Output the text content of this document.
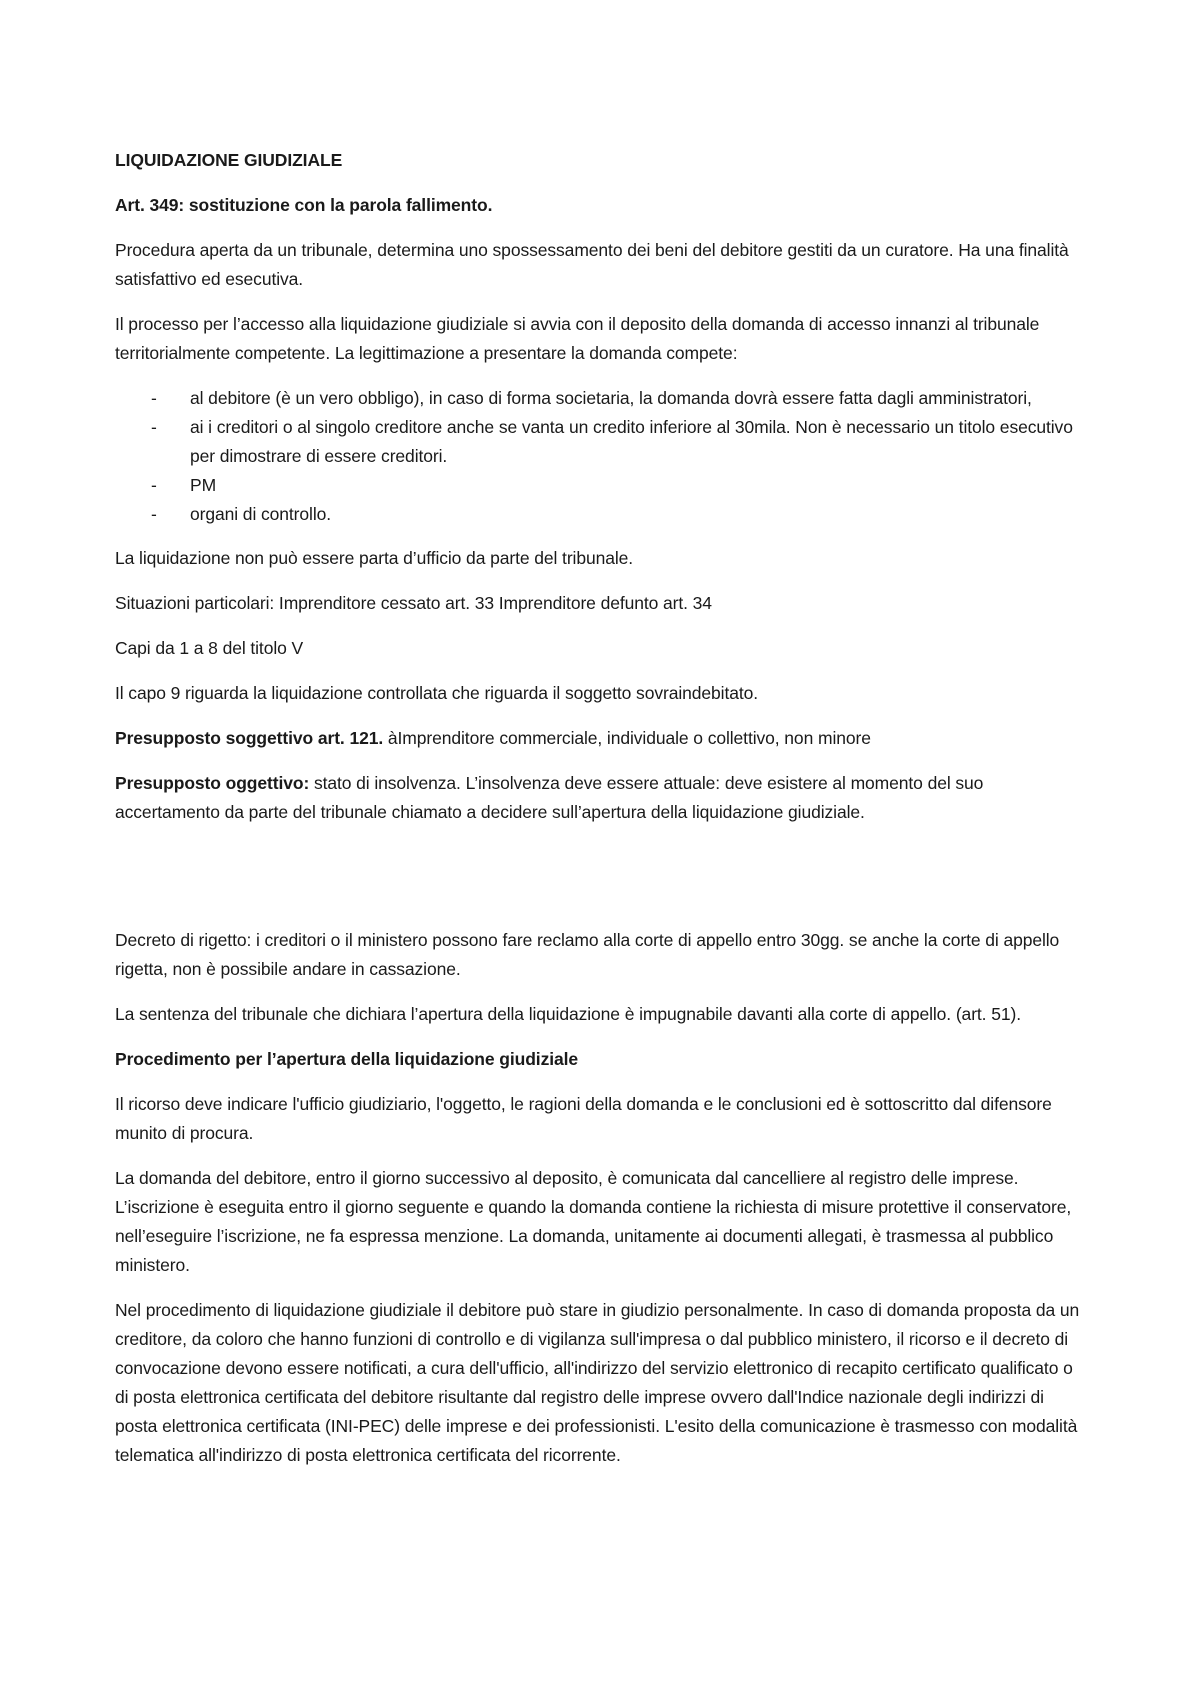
LIQUIDAZIONE GIUDIZIALE
Art. 349: sostituzione con la parola fallimento.
Procedura aperta da un tribunale, determina uno spossessamento dei beni del debitore gestiti da un curatore. Ha una finalità satisfattivo ed esecutiva.
Il processo per l’accesso alla liquidazione giudiziale si avvia con il deposito della domanda di accesso innanzi al tribunale territorialmente competente. La legittimazione a presentare la domanda compete:
- al debitore (è un vero obbligo), in caso di forma societaria, la domanda dovrà essere fatta dagli amministratori,
- ai i creditori o al singolo creditore anche se vanta un credito inferiore al 30mila. Non è necessario un titolo esecutivo per dimostrare di essere creditori.
- PM
- organi di controllo.
La liquidazione non può essere parta d’ufficio da parte del tribunale.
Situazioni particolari: Imprenditore cessato art. 33 Imprenditore defunto art. 34
Capi da 1 a 8 del titolo V
Il capo 9 riguarda la liquidazione controllata che riguarda il soggetto sovraindebitato.
Presupposto soggettivo art. 121. àImprenditore commerciale, individuale o collettivo, non minore
Presupposto oggettivo: stato di insolvenza. L’insolvenza deve essere attuale: deve esistere al momento del suo accertamento da parte del tribunale chiamato a decidere sull’apertura della liquidazione giudiziale.
Decreto di rigetto: i creditori o il ministero possono fare reclamo alla corte di appello entro 30gg. se anche la corte di appello rigetta, non è possibile andare in cassazione.
La sentenza del tribunale che dichiara l’apertura della liquidazione è impugnabile davanti alla corte di appello. (art. 51).
Procedimento per l’apertura della liquidazione giudiziale
Il ricorso deve indicare l'ufficio giudiziario, l'oggetto, le ragioni della domanda e le conclusioni ed è sottoscritto dal difensore munito di procura.
La domanda del debitore, entro il giorno successivo al deposito, è comunicata dal cancelliere al registro delle imprese. L’iscrizione è eseguita entro il giorno seguente e quando la domanda contiene la richiesta di misure protettive il conservatore, nell’eseguire l’iscrizione, ne fa espressa menzione. La domanda, unitamente ai documenti allegati, è trasmessa al pubblico ministero.
Nel procedimento di liquidazione giudiziale il debitore può stare in giudizio personalmente. In caso di domanda proposta da un creditore, da coloro che hanno funzioni di controllo e di vigilanza sull'impresa o dal pubblico ministero, il ricorso e il decreto di convocazione devono essere notificati, a cura dell'ufficio, all'indirizzo del servizio elettronico di recapito certificato qualificato o di posta elettronica certificata del debitore risultante dal registro delle imprese ovvero dall'Indice nazionale degli indirizzi di posta elettronica certificata (INI-PEC) delle imprese e dei professionisti. L'esito della comunicazione è trasmesso con modalità telematica all'indirizzo di posta elettronica certificata del ricorrente.
